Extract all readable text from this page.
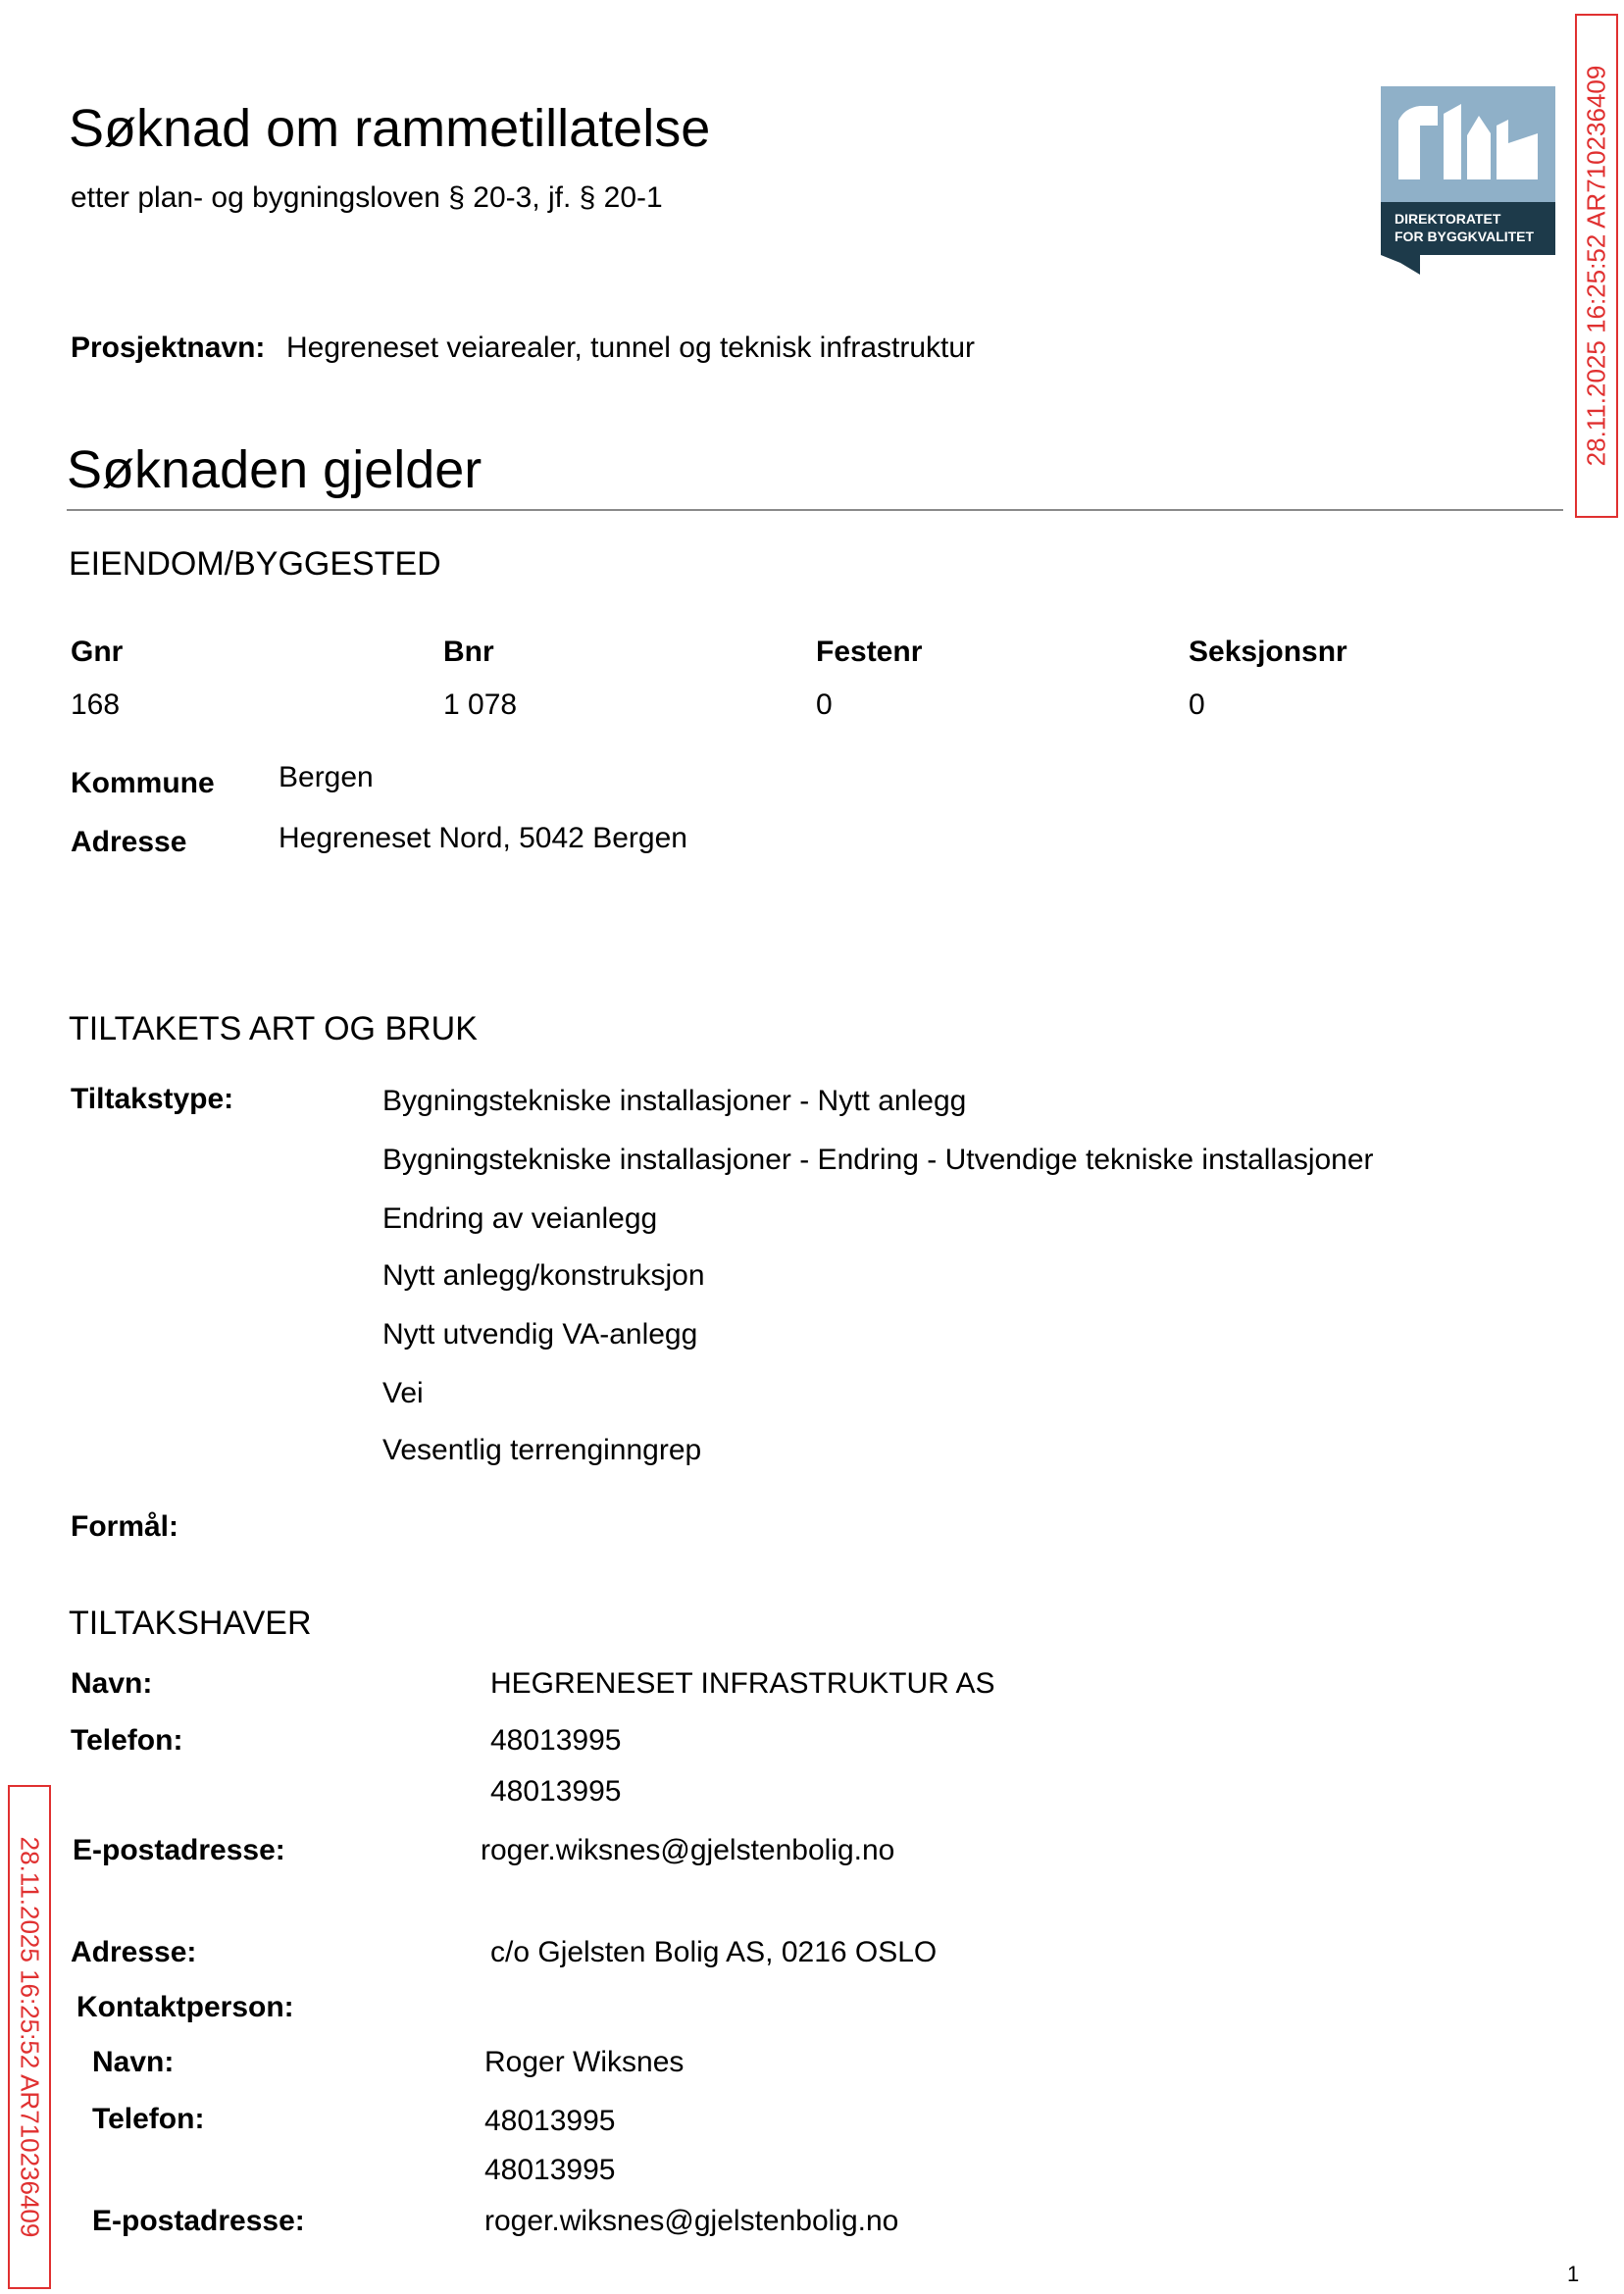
Søknad om rammetillatelse
etter plan- og bygningsloven § 20-3, jf. § 20-1
DIREKTORATET
FOR BYGGKVALITET 28.11.2025 16:25:52 AR710236409
Prosjektnavn: Hegreneset veiarealer, tunnel og teknisk infrastruktur
Søknaden gjelder
EIENDOM/BYGGESTED
Gnr	Bnr	Festenr	Seksjonsnr
168	1 078	0	0
Kommune Bergen
Adresse	Hegreneset Nord, 5042 Bergen
TILTAKETS ART OG BRUK
Tiltakstype:	Bygningstekniske installasjoner - Nytt anlegg
Bygningstekniske installasjoner - Endring - Utvendige tekniske installasjoner
Endring av veianlegg
Nytt anlegg/konstruksjon
Nytt utvendig VA-anlegg
Vei
Vesentlig terrenginngrep
Formål:
TILTAKSHAVER
Navn:	HEGRENESET INFRASTRUKTUR AS
Telefon:	48013995
48013995
E-postadresse:	roger.wiksnes@gjelstenbolig.no
Adresse:	c/o Gjelsten Bolig AS, 0216 OSLO
Kontaktperson:
Navn:	Roger Wiksnes
Telefon:	48013995
48013995
E-postadresse:	roger.wiksnes@gjelstenbolig.no
28.11.2025 16:25:52 AR710236409
1
